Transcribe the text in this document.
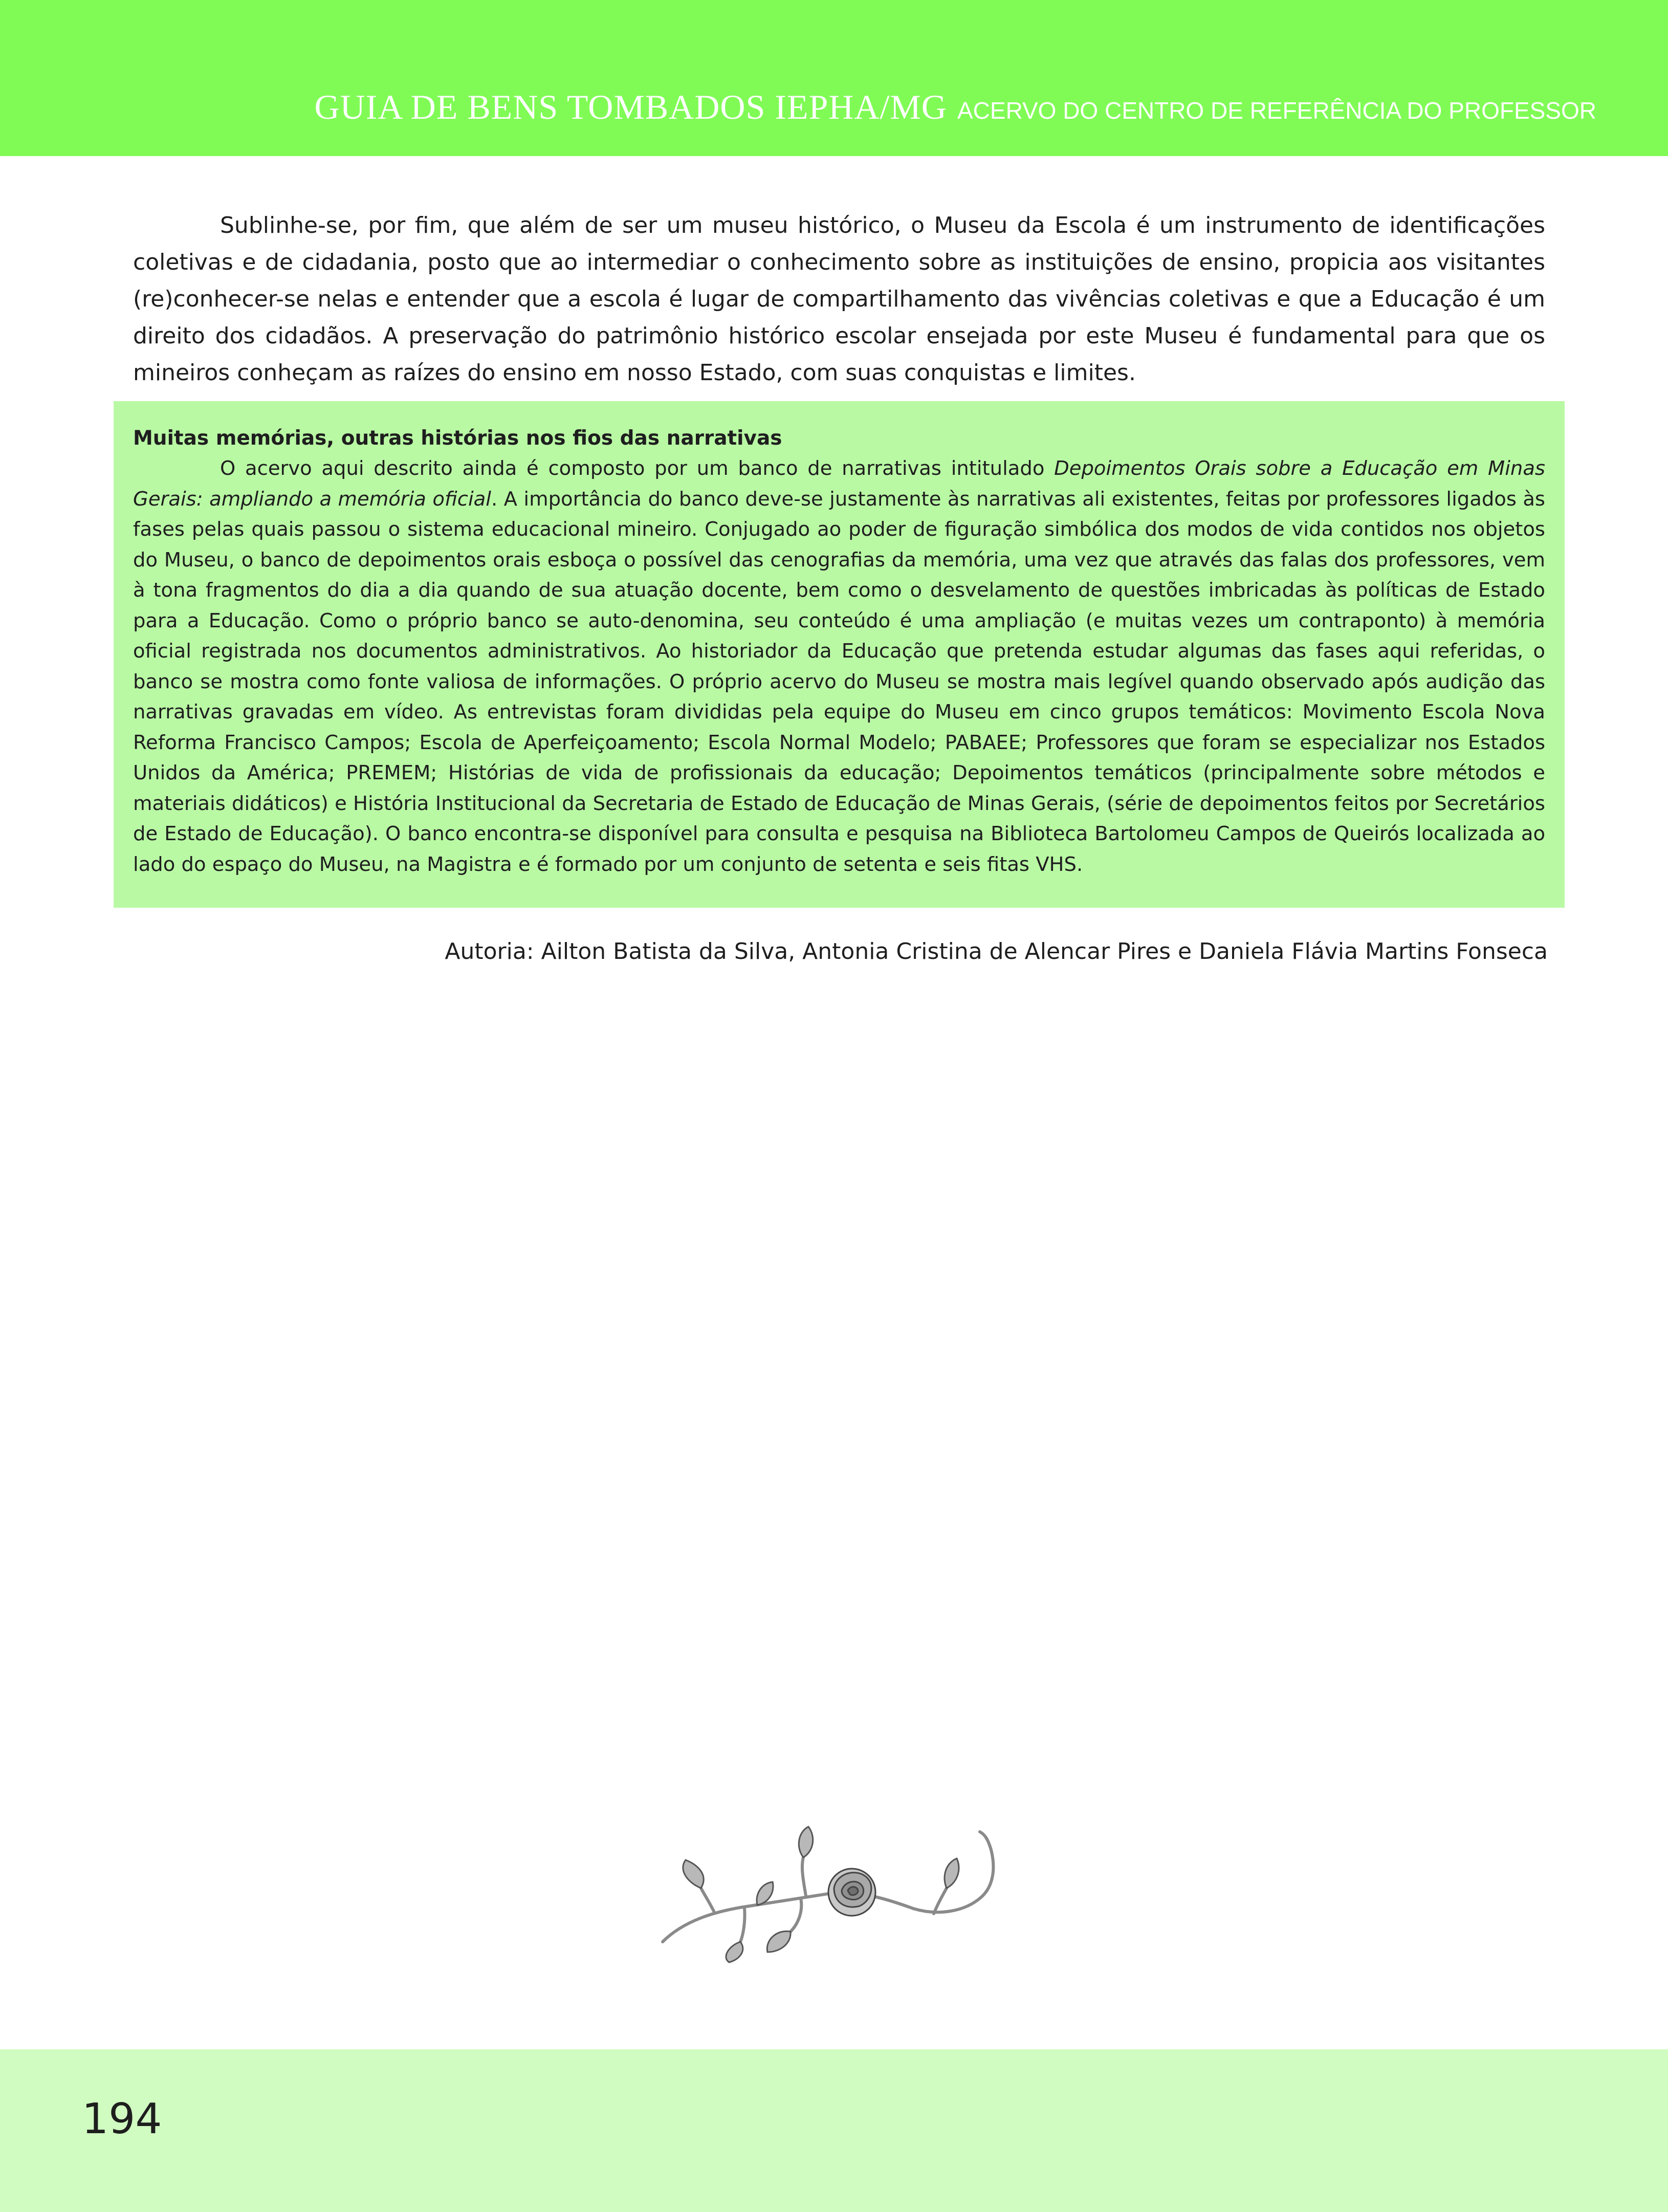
GUIA DE BENS TOMBADOS IEPHA/MG ACERVO DO CENTRO DE REFERÊNCIA DO PROFESSOR

Sublinhe-se, por fim, que além de ser um museu histórico, o Museu da Escola é um instrumento de identificações coletivas e de cidadania, posto que ao intermediar o conhecimento sobre as instituições de ensino, propicia aos visitantes (re)conhecer-se nelas e entender que a escola é lugar de compartilhamento das vivências coletivas e que a Educação é um direito dos cidadãos. A preservação do patrimônio histórico escolar ensejada por este Museu é fundamental para que os mineiros conheçam as raízes do ensino em nosso Estado, com suas conquistas e limites.

Muitas memórias, outras histórias nos fios das narrativas

O acervo aqui descrito ainda é composto por um banco de narrativas intitulado Depoimentos Orais sobre a Educação em Minas Gerais: ampliando a memória oficial. A importância do banco deve-se justamente às narrativas ali existentes, feitas por professores ligados às fases pelas quais passou o sistema educacional mineiro. Conjugado ao poder de figuração simbólica dos modos de vida contidos nos objetos do Museu, o banco de depoimentos orais esboça o possível das cenografias da memória, uma vez que através das falas dos professores, vem à tona fragmentos do dia a dia quando de sua atuação docente, bem como o desvelamento de questões imbricadas às políticas de Estado para a Educação. Como o próprio banco se auto-denomina, seu conteúdo é uma ampliação (e muitas vezes um contraponto) à memória oficial registrada nos documentos administrativos. Ao historiador da Educação que pretenda estudar algumas das fases aqui referidas, o banco se mostra como fonte valiosa de informações. O próprio acervo do Museu se mostra mais legível quando observado após audição das narrativas gravadas em vídeo. As entrevistas foram divididas pela equipe do Museu em cinco grupos temáticos: Movimento Escola Nova Reforma Francisco Campos; Escola de Aperfeiçoamento; Escola Normal Modelo; PABAEE; Professores que foram se especializar nos Estados Unidos da América; PREMEM; Histórias de vida de profissionais da educação; Depoimentos temáticos (principalmente sobre métodos e materiais didáticos) e História Institucional da Secretaria de Estado de Educação de Minas Gerais, (série de depoimentos feitos por Secretários de Estado de Educação). O banco encontra-se disponível para consulta e pesquisa na Biblioteca Bartolomeu Campos de Queirós localizada ao lado do espaço do Museu, na Magistra e é formado por um conjunto de setenta e seis fitas VHS.

Autoria: Ailton Batista da Silva, Antonia Cristina de Alencar Pires e Daniela Flávia Martins Fonseca

194
